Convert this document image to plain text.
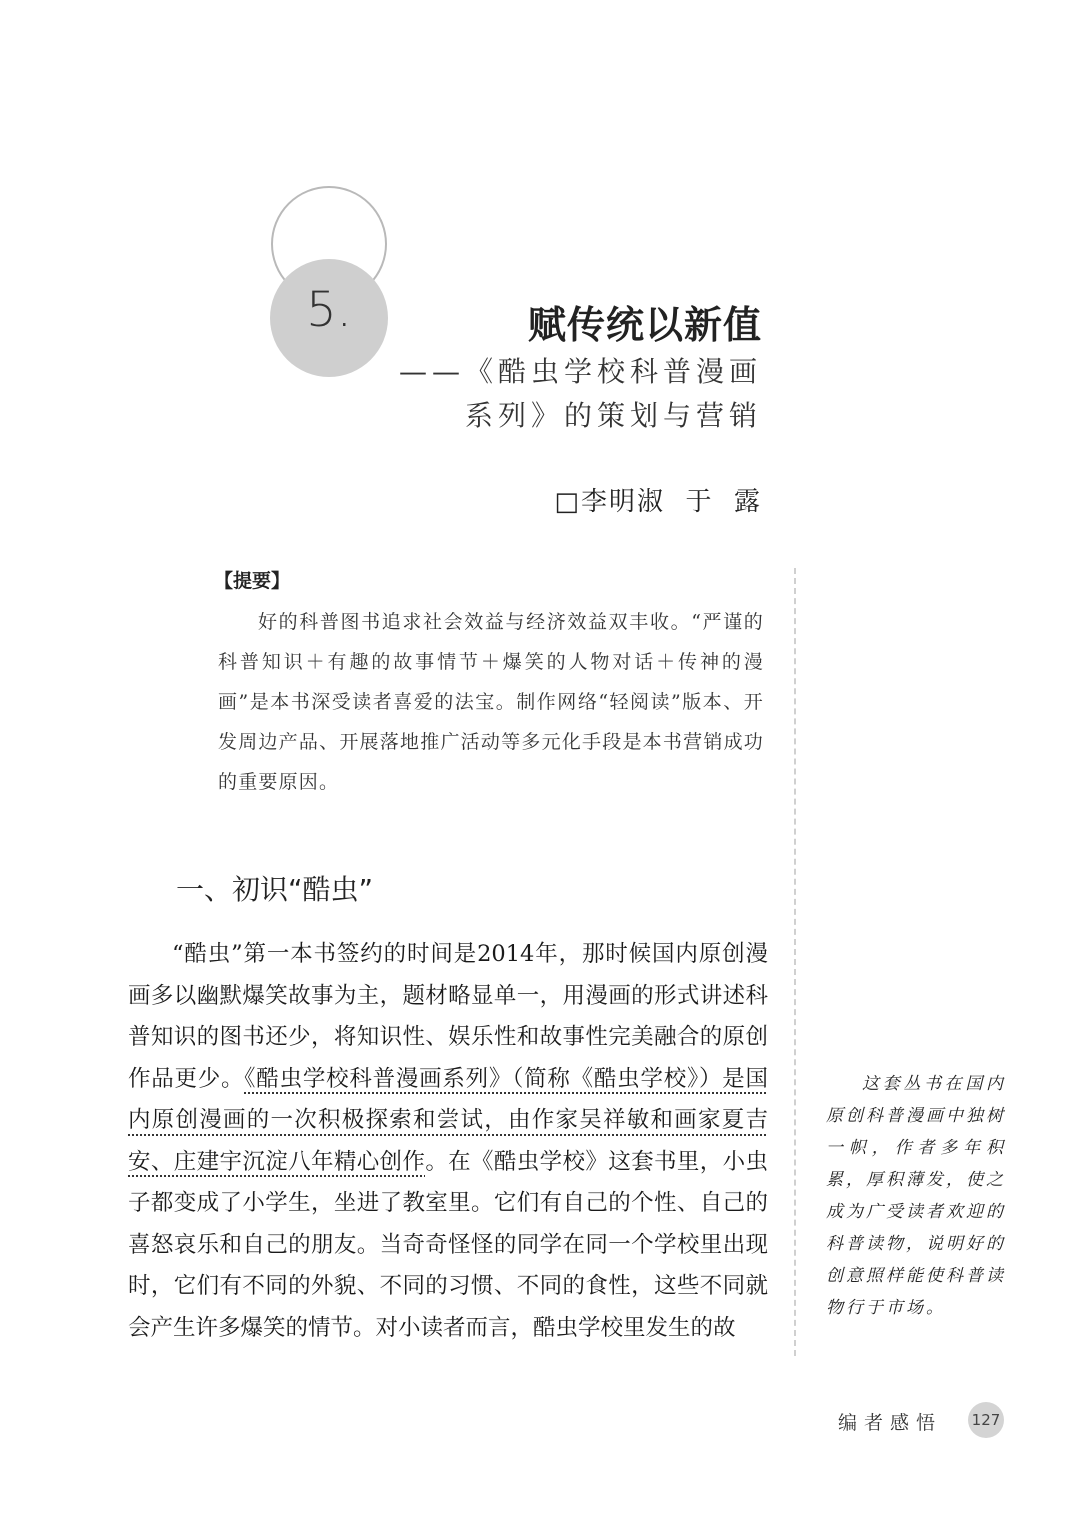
5.	赋传统以新值
——《酷虫学校科普漫画
系列》的策划与营销
□李明淑  于  露
【提要】
好的科普图书追求社会效益与经济效益双丰收。“严谨的科普知识＋有趣的故事情节＋爆笑的人物对话＋传神的漫画”是本书深受读者喜爱的法宝。制作网络“轻阅读”版本、开发周边产品、开展落地推广活动等多元化手段是本书营销成功的重要原因。
一、初识“酷虫”
“酷虫”第一本书签约的时间是2014年，那时候国内原创漫画多以幽默爆笑故事为主，题材略显单一，用漫画的形式讲述科普知识的图书还少，将知识性、娱乐性和故事性完美融合的原创作品更少。《酷虫学校科普漫画系列》（简称《酷虫学校》）是国内原创漫画的一次积极探索和尝试，由作家吴祥敏和画家夏吉安、庄建宇沉淀八年精心创作。在《酷虫学校》这套书里，小虫子都变成了小学生，坐进了教室里。它们有自己的个性、自己的喜怒哀乐和自己的朋友。当奇奇怪怪的同学在同一个学校里出现时，它们有不同的外貌、不同的习惯、不同的食性，这些不同就会产生许多爆笑的情节。对小读者而言，酷虫学校里发生的故
这套丛书在国内原创科普漫画中独树一帜，作者多年积累，厚积薄发，使之成为广受读者欢迎的科普读物，说明好的创意照样能使科普读物行于市场。
编者感悟 127
